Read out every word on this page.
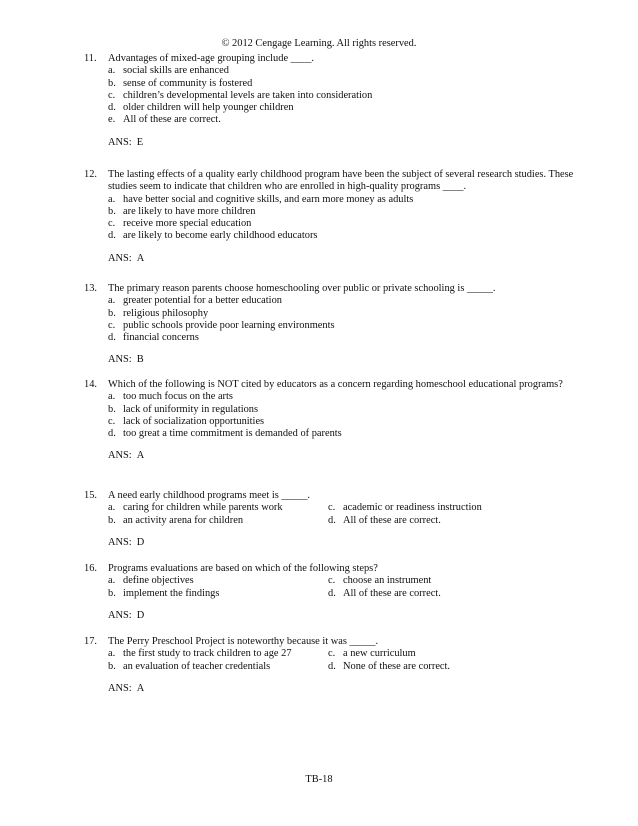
© 2012 Cengage Learning. All rights reserved.
11.	Advantages of mixed-age grouping include ____.
a. social skills are enhanced
b. sense of community is fostered
c. children’s developmental levels are taken into consideration
d. older children will help younger children
e. All of these are correct.
ANS: E
12.	The lasting effects of a quality early childhood program have been the subject of several research studies. These studies seem to indicate that children who are enrolled in high-quality programs ____.
a. have better social and cognitive skills, and earn more money as adults
b. are likely to have more children
c. receive more special education
d. are likely to become early childhood educators
ANS: A
13.	The primary reason parents choose homeschooling over public or private schooling is _____.
a. greater potential for a better education
b. religious philosophy
c. public schools provide poor learning environments
d. financial concerns
ANS: B
14.	Which of the following is NOT cited by educators as a concern regarding homeschool educational programs?
a. too much focus on the arts
b. lack of uniformity in regulations
c. lack of socialization opportunities
d. too great a time commitment is demanded of parents
ANS: A
15.	A need early childhood programs meet is _____.
a. caring for children while parents work	c. academic or readiness instruction
b. an activity arena for children	d. All of these are correct.
ANS: D
16.	Programs evaluations are based on which of the following steps?
a. define objectives	c. choose an instrument
b. implement the findings	d. All of these are correct.
ANS: D
17.	The Perry Preschool Project is noteworthy because it was _____.
a. the first study to track children to age 27	c. a new curriculum
b. an evaluation of teacher credentials	d. None of these are correct.
ANS: A
TB-18
